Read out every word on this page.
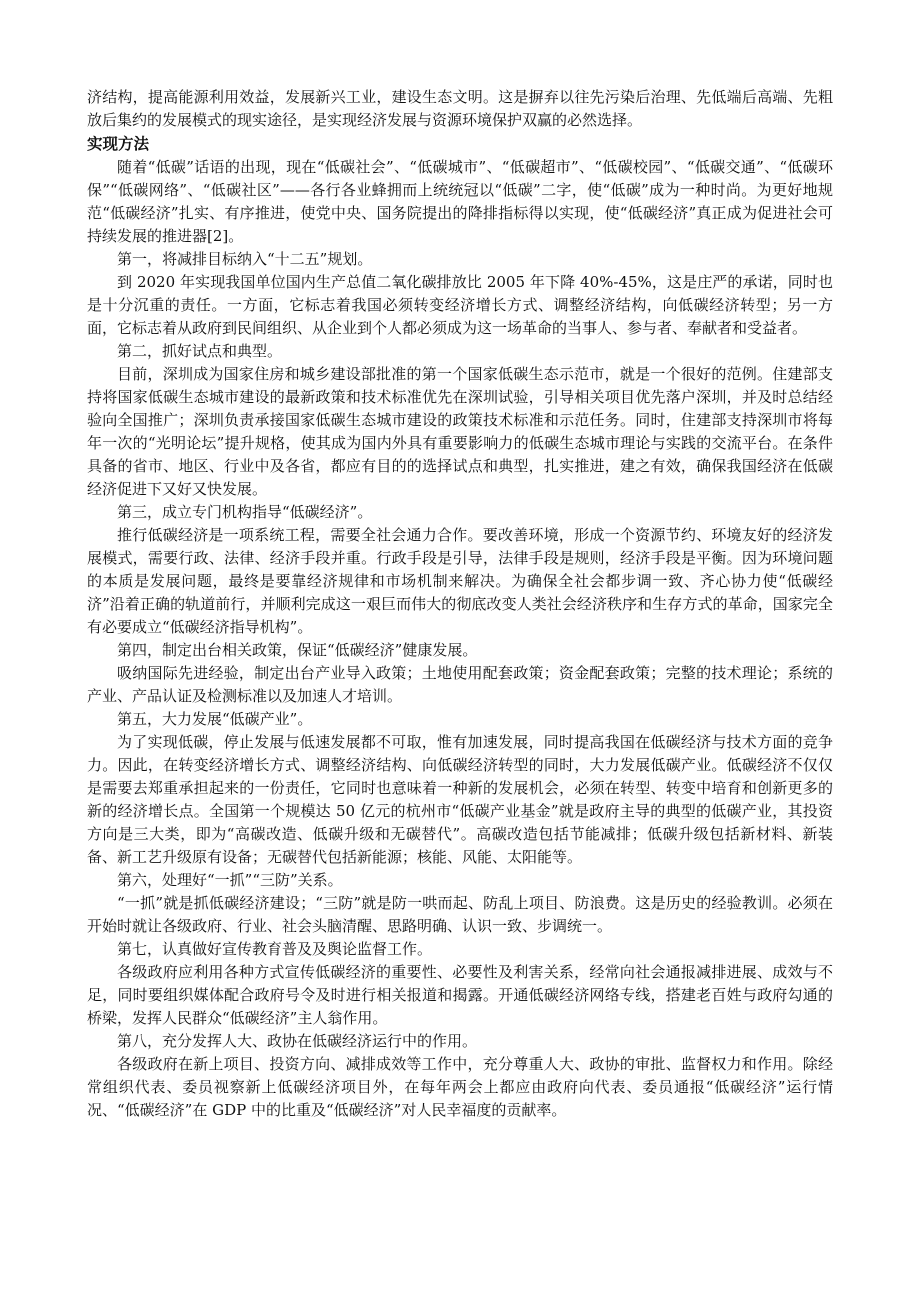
济结构，提高能源利用效益，发展新兴工业，建设生态文明。这是摒弃以往先污染后治理、先低端后高端、先粗放后集约的发展模式的现实途径，是实现经济发展与资源环境保护双赢的必然选择。

实现方法

随着“低碳”话语的出现，现在“低碳社会”、“低碳城市”、“低碳超市”、“低碳校园”、“低碳交通”、“低碳环保”“低碳网络”、“低碳社区”——各行各业蜂拥而上统统冠以“低碳”二字，使“低碳”成为一种时尚。为更好地规范“低碳经济”扎实、有序推进，使党中央、国务院提出的降排指标得以实现，使“低碳经济”真正成为促进社会可持续发展的推进器[2]。

第一，将减排目标纳入“十二五”规划。

到 2020 年实现我国单位国内生产总值二氧化碳排放比 2005 年下降 40%-45%，这是庄严的承诺，同时也是十分沉重的责任。一方面，它标志着我国必须转变经济增长方式、调整经济结构，向低碳经济转型；另一方面，它标志着从政府到民间组织、从企业到个人都必须成为这一场革命的当事人、参与者、奉献者和受益者。

第二，抓好试点和典型。

目前，深圳成为国家住房和城乡建设部批准的第一个国家低碳生态示范市，就是一个很好的范例。住建部支持将国家低碳生态城市建设的最新政策和技术标准优先在深圳试验，引导相关项目优先落户深圳，并及时总结经验向全国推广；深圳负责承接国家低碳生态城市建设的政策技术标准和示范任务。同时，住建部支持深圳市将每年一次的“光明论坛”提升规格，使其成为国内外具有重要影响力的低碳生态城市理论与实践的交流平台。在条件具备的省市、地区、行业中及各省，都应有目的的选择试点和典型，扎实推进，建之有效，确保我国经济在低碳经济促进下又好又快发展。

第三，成立专门机构指导“低碳经济”。

推行低碳经济是一项系统工程，需要全社会通力合作。要改善环境，形成一个资源节约、环境友好的经济发展模式，需要行政、法律、经济手段并重。行政手段是引导，法律手段是规则，经济手段是平衡。因为环境问题的本质是发展问题，最终是要靠经济规律和市场机制来解决。为确保全社会都步调一致、齐心协力使“低碳经济”沿着正确的轨道前行，并顺利完成这一艰巨而伟大的彻底改变人类社会经济秩序和生存方式的革命，国家完全有必要成立“低碳经济指导机构”。

第四，制定出台相关政策，保证“低碳经济”健康发展。

吸纳国际先进经验，制定出台产业导入政策；土地使用配套政策；资金配套政策；完整的技术理论；系统的产业、产品认证及检测标准以及加速人才培训。

第五，大力发展“低碳产业”。

为了实现低碳，停止发展与低速发展都不可取，惟有加速发展，同时提高我国在低碳经济与技术方面的竞争力。因此，在转变经济增长方式、调整经济结构、向低碳经济转型的同时，大力发展低碳产业。低碳经济不仅仅是需要去郑重承担起来的一份责任，它同时也意味着一种新的发展机会，必须在转型、转变中培育和创新更多的新的经济增长点。全国第一个规模达 50 亿元的杭州市“低碳产业基金”就是政府主导的典型的低碳产业，其投资方向是三大类，即为“高碳改造、低碳升级和无碳替代”。高碳改造包括节能减排；低碳升级包括新材料、新装备、新工艺升级原有设备；无碳替代包括新能源；核能、风能、太阳能等。

第六，处理好“一抓”“三防”关系。

“一抓”就是抓低碳经济建设；“三防”就是防一哄而起、防乱上项目、防浪费。这是历史的经验教训。必须在开始时就让各级政府、行业、社会头脑清醒、思路明确、认识一致、步调统一。

第七，认真做好宣传教育普及及舆论监督工作。

各级政府应利用各种方式宣传低碳经济的重要性、必要性及利害关系，经常向社会通报减排进展、成效与不足，同时要组织媒体配合政府号令及时进行相关报道和揭露。开通低碳经济网络专线，搭建老百姓与政府勾通的桥梁，发挥人民群众“低碳经济”主人翁作用。

第八，充分发挥人大、政协在低碳经济运行中的作用。

各级政府在新上项目、投资方向、减排成效等工作中，充分尊重人大、政协的审批、监督权力和作用。除经常组织代表、委员视察新上低碳经济项目外，在每年两会上都应由政府向代表、委员通报“低碳经济”运行情况、“低碳经济”在 GDP 中的比重及“低碳经济”对人民幸福度的贡献率。
